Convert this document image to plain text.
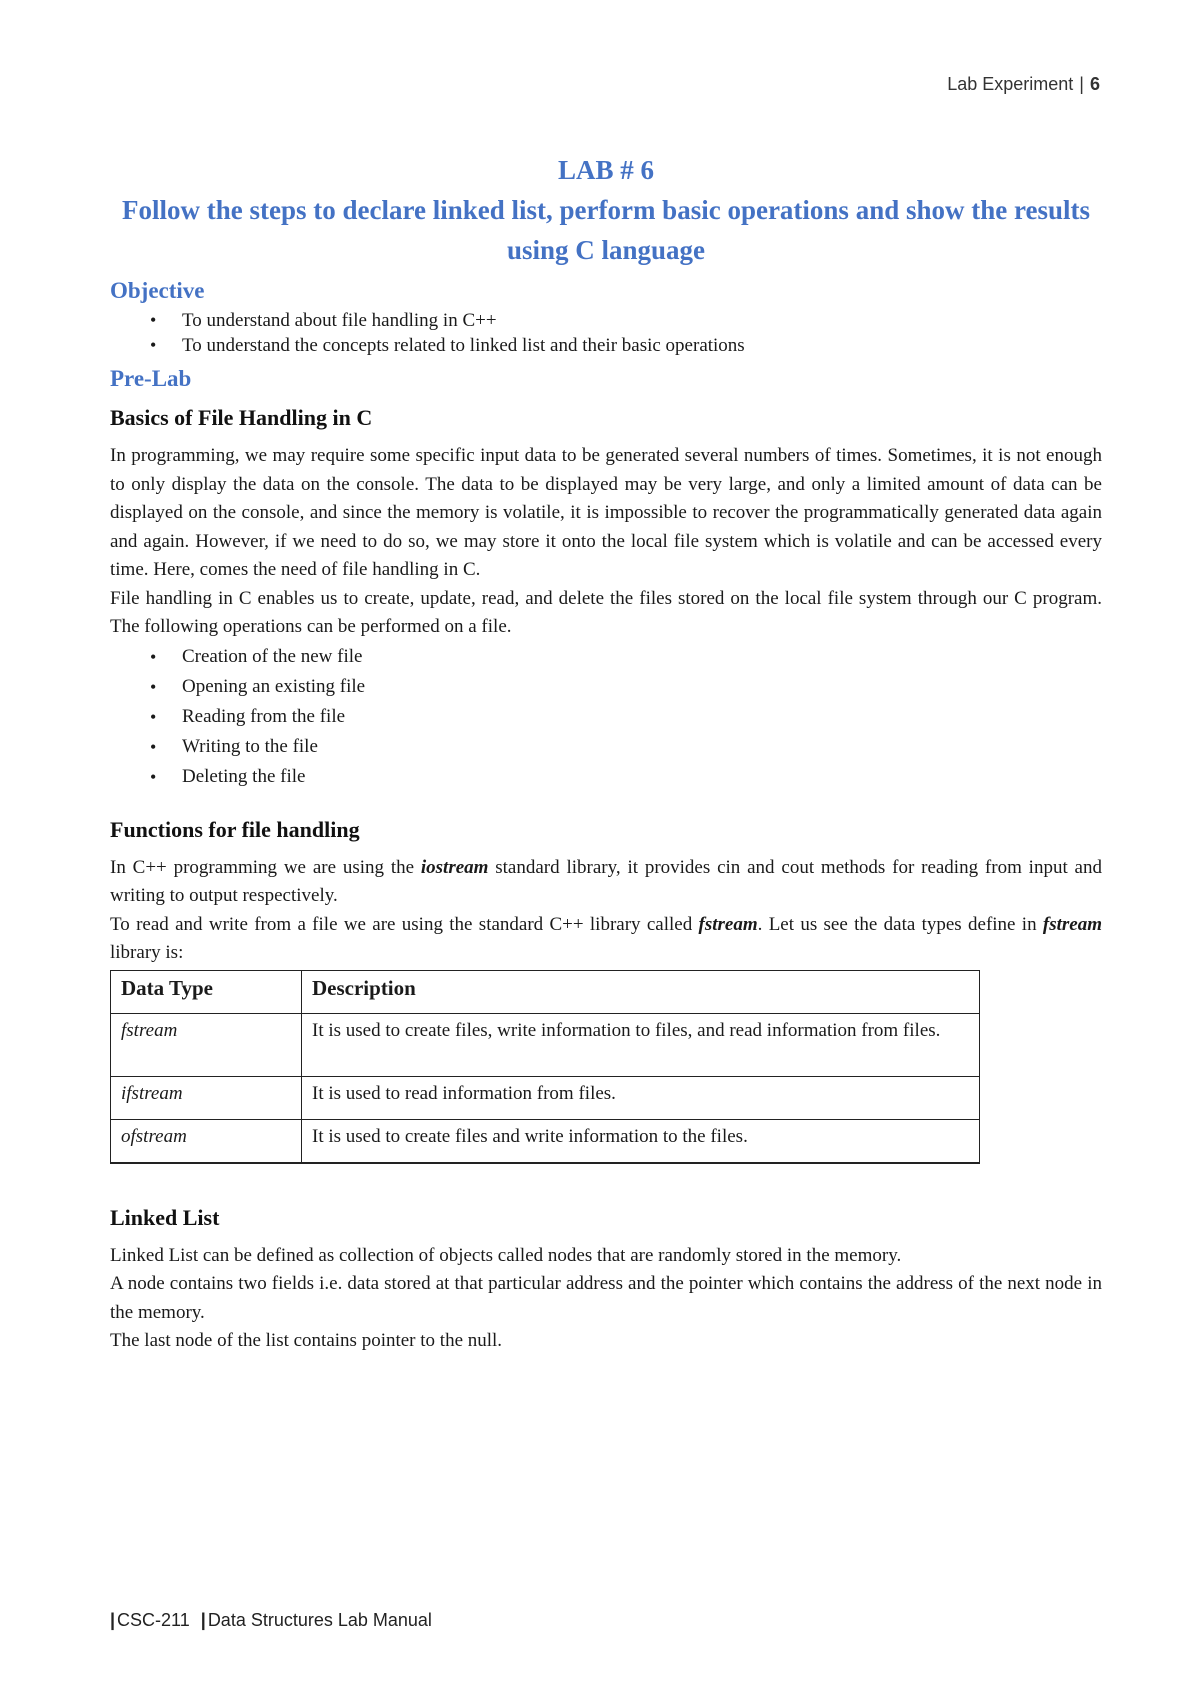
Lab Experiment | 6
LAB # 6
Follow the steps to declare linked list, perform basic operations and show the results using C language
Objective
• To understand about file handling in C++
• To understand the concepts related to linked list and their basic operations
Pre-Lab
Basics of File Handling in C

In programming, we may require some specific input data to be generated several numbers of times. Sometimes, it is not enough to only display the data on the console. The data to be displayed may be very large, and only a limited amount of data can be displayed on the console, and since the memory is volatile, it is impossible to recover the programmatically generated data again and again. However, if we need to do so, we may store it onto the local file system which is volatile and can be accessed every time. Here, comes the need of file handling in C.

File handling in C enables us to create, update, read, and delete the files stored on the local file system through our C program. The following operations can be performed on a file.

• Creation of the new file
• Opening an existing file
• Reading from the file
• Writing to the file
• Deleting the file
Functions for file handling

In C++ programming we are using the iostream standard library, it provides cin and cout methods for reading from input and writing to output respectively.

To read and write from a file we are using the standard C++ library called fstream. Let us see the data types define in fstream library is:

Data Type	Description
fstream	It is used to create files, write information to files, and read information from files.
ifstream	It is used to read information from files.
ofstream	It is used to create files and write information to the files.
Linked List

Linked List can be defined as collection of objects called nodes that are randomly stored in the memory.

A node contains two fields i.e. data stored at that particular address and the pointer which contains the address of the next node in the memory.

The last node of the list contains pointer to the null.

| CSC-211 | Data Structures Lab Manual
